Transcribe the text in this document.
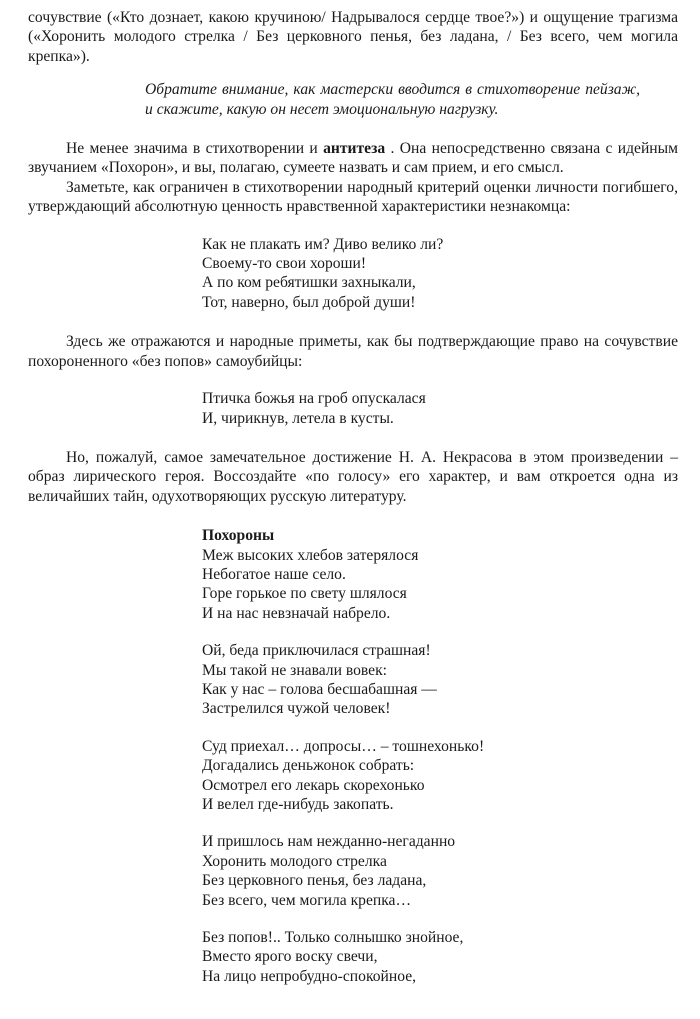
сочувствие («Кто дознает, какою кручиною/ Надрывалося сердце твое?») и ощущение трагизма («Хоронить молодого стрелка / Без церковного пенья, без ладана, / Без всего, чем могила крепка»).

Обратите внимание, как мастерски вводится в стихотворение пейзаж, и скажите, какую он несет эмоциональную нагрузку.

Не менее значима в стихотворении и антитеза . Она непосредственно связана с идейным звучанием «Похорон», и вы, полагаю, сумеете назвать и сам прием, и его смысл.

Заметьте, как ограничен в стихотворении народный критерий оценки личности погибшего, утверждающий абсолютную ценность нравственной характеристики незнакомца:

Как не плакать им? Диво велико ли?
Своему-то свои хороши!
А по ком ребятишки захныкали,
Тот, наверно, был доброй души!

Здесь же отражаются и народные приметы, как бы подтверждающие право на сочувствие похороненного «без попов» самоубийцы:

Птичка божья на гроб опускалася
И, чирикнув, летела в кусты.

Но, пожалуй, самое замечательное достижение Н. А. Некрасова в этом произведении – образ лирического героя. Воссоздайте «по голосу» его характер, и вам откроется одна из величайших тайн, одухотворяющих русскую литературу.

Похороны
Меж высоких хлебов затерялося
Небогатое наше село.
Горе горькое по свету шлялося
И на нас невзначай набрело.
Ой, беда приключилася страшная!
Мы такой не знавали вовек:
Как у нас – голова бесшабашная —
Застрелился чужой человек!
Суд приехал… допросы… – тошнехонько!
Догадались деньжонок собрать:
Осмотрел его лекарь скорехонько
И велел где-нибудь закопать.
И пришлось нам нежданно-негаданно
Хоронить молодого стрелка
Без церковного пенья, без ладана,
Без всего, чем могила крепка…
Без попов!.. Только солнышко знойное,
Вместо ярого воску свечи,
На лицо непробудно-спокойное,
